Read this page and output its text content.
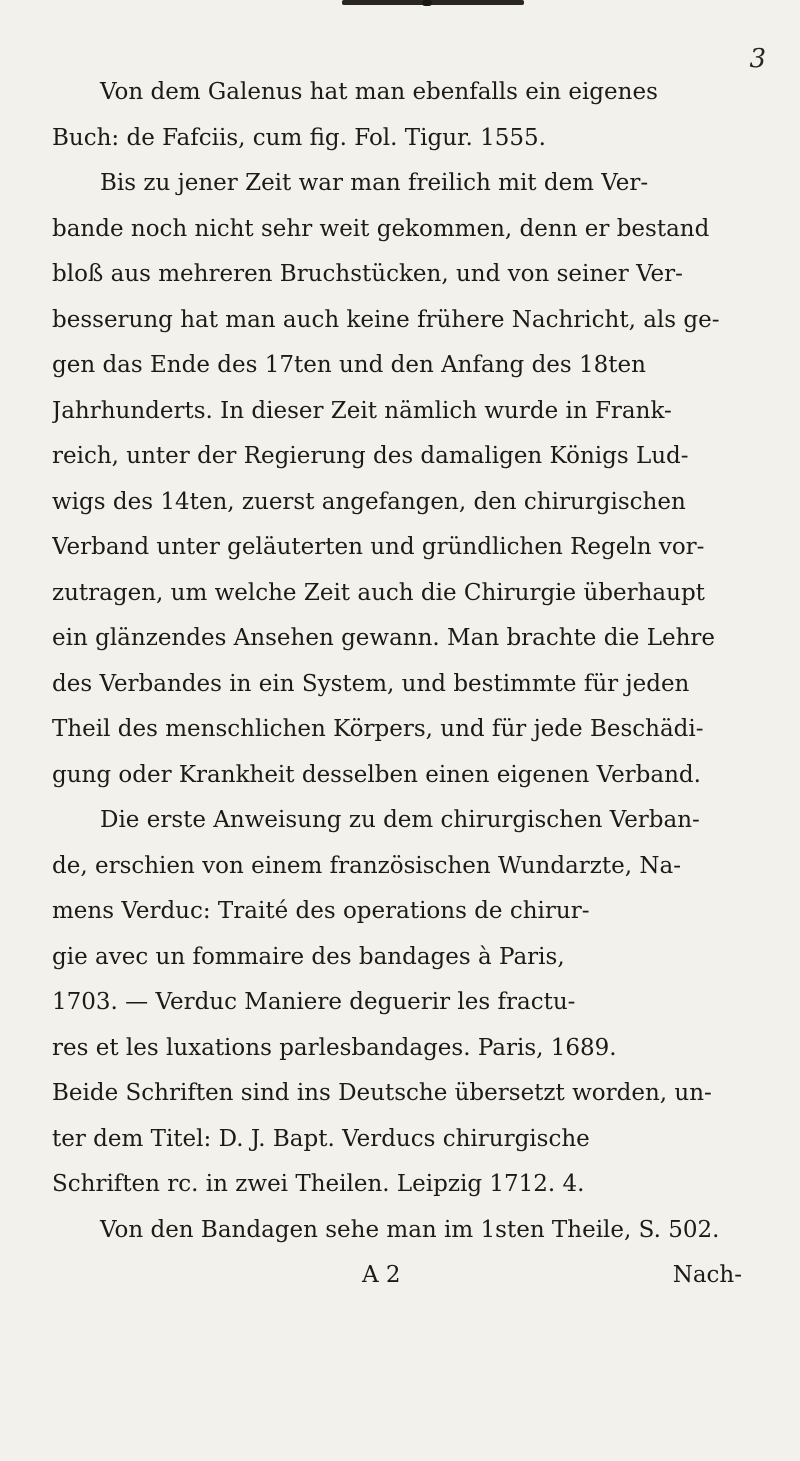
3
Von dem Galenus hat man ebenfalls ein eigenes
Buch: de Fafciis, cum fig. Fol. Tigur. 1555.
Bis zu jener Zeit war man freilich mit dem Ver-
bande noch nicht sehr weit gekommen, denn er bestand
bloß aus mehreren Bruchstücken, und von seiner Ver-
besserung hat man auch keine frühere Nachricht, als ge-
gen das Ende des 17ten und den Anfang des 18ten
Jahrhunderts. In dieser Zeit nämlich wurde in Frank-
reich, unter der Regierung des damaligen Königs Lud-
wigs des 14ten, zuerst angefangen, den chirurgischen
Verband unter geläuterten und gründlichen Regeln vor-
zutragen, um welche Zeit auch die Chirurgie überhaupt
ein glänzendes Ansehen gewann. Man brachte die Lehre
des Verbandes in ein System, und bestimmte für jeden
Theil des menschlichen Körpers, und für jede Beschädi-
gung oder Krankheit desselben einen eigenen Verband.
Die erste Anweisung zu dem chirurgischen Verban-
de, erschien von einem französischen Wundarzte, Na-
mens Verduc: Traité des operations de chirur-
gie avec un fommaire des bandages à Paris,
1703. — Verduc Maniere deguerir les fractu-
res et les luxations parlesbandages. Paris, 1689.
Beide Schriften sind ins Deutsche übersetzt worden, un-
ter dem Titel: D. J. Bapt. Verducs chirurgische
Schriften rc. in zwei Theilen. Leipzig 1712. 4.
Von den Bandagen sehe man im 1sten Theile, S. 502.
A 2	Nach-
